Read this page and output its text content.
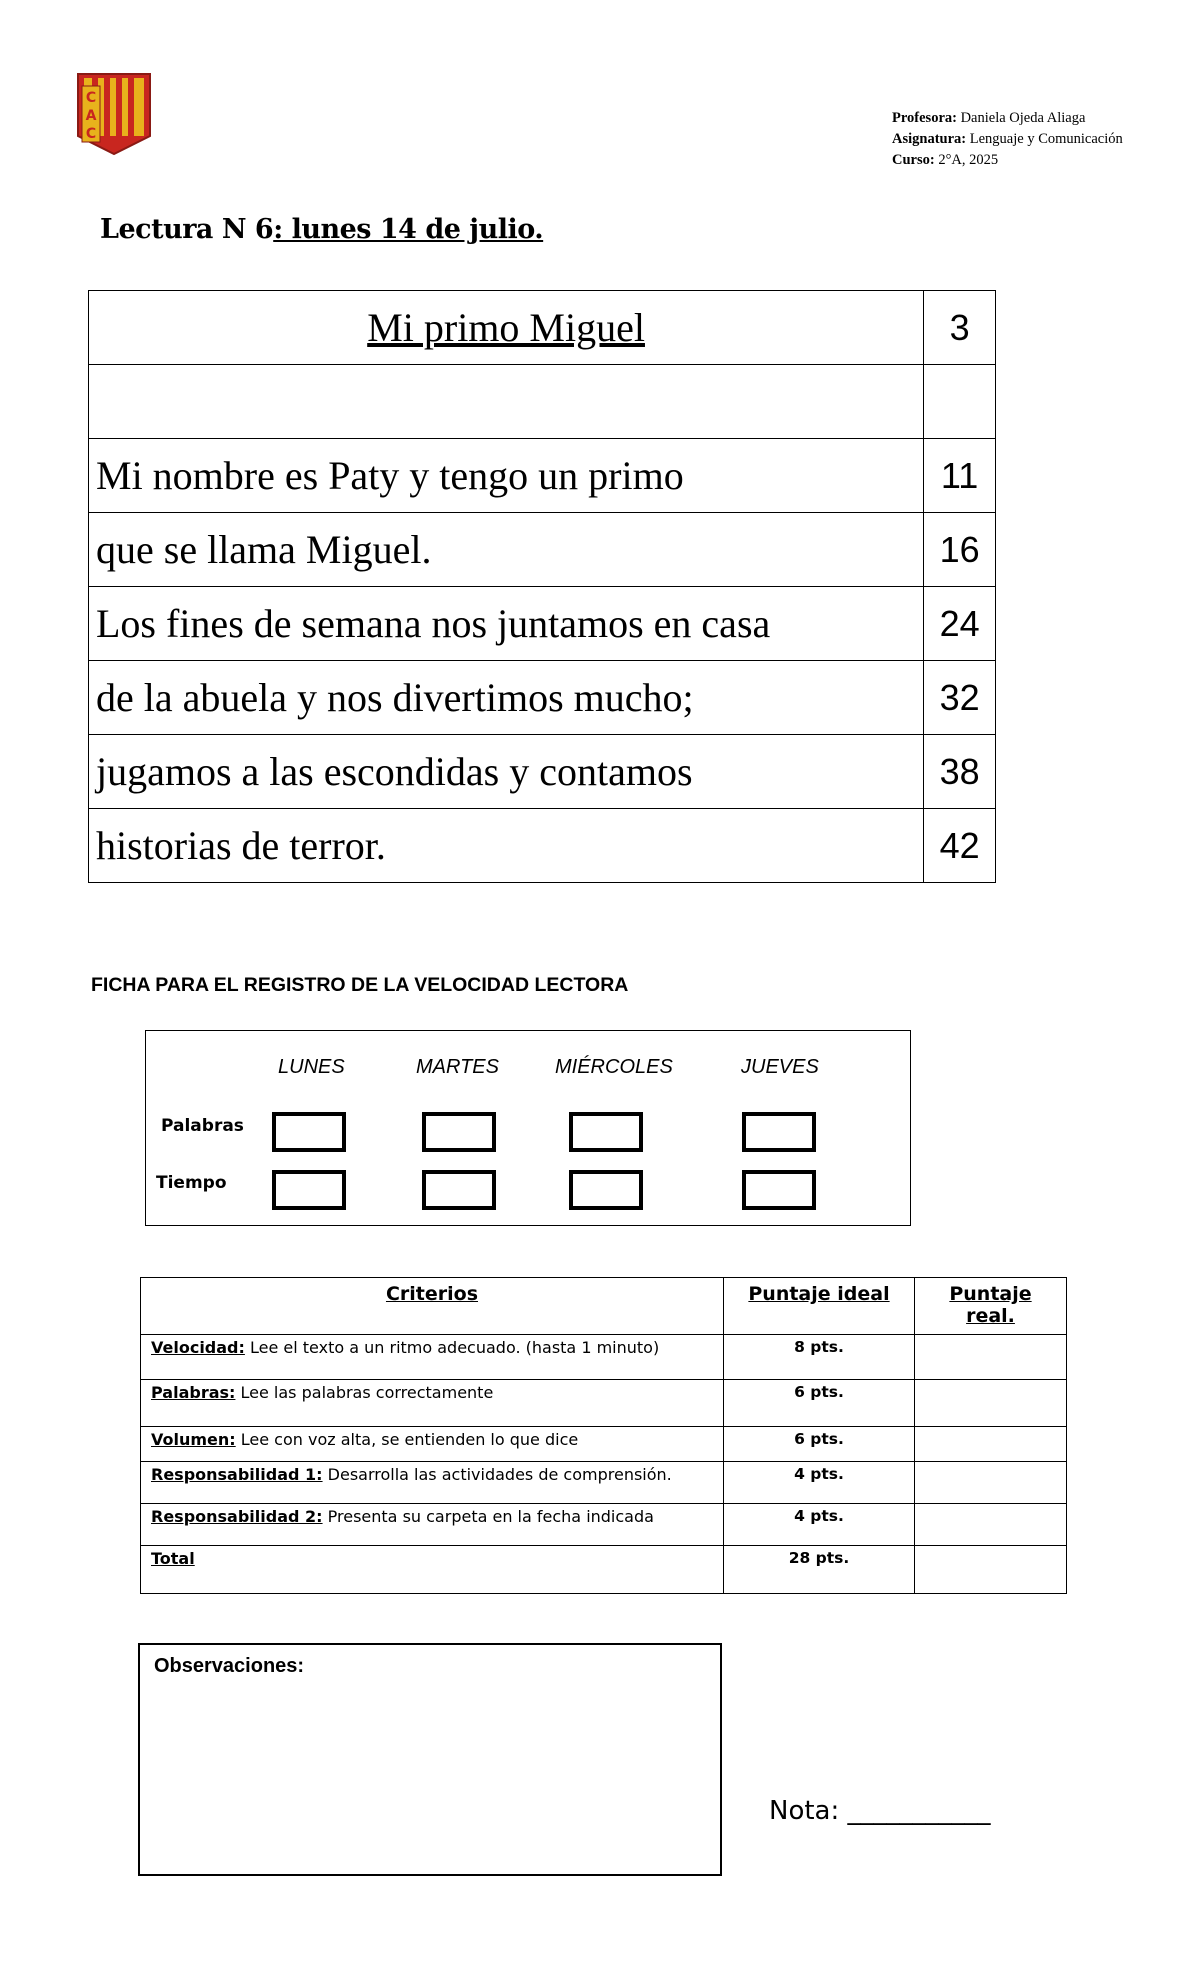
C
A
C
Profesora: Daniela Ojeda Aliaga
Asignatura: Lenguaje y Comunicación
Curso: 2°A, 2025
Lectura N 6: lunes 14 de julio.
Mi primo Miguel	3

Mi nombre es Paty y tengo un primo	11
que se llama Miguel.	16
Los fines de semana nos juntamos en casa	24
de la abuela y nos divertimos mucho;	32
jugamos a las escondidas y contamos	38
historias de terror.	42
FICHA PARA EL REGISTRO DE LA VELOCIDAD LECTORA
LUNES	MARTES	MIÉRCOLES	JUEVES
Palabras
Tiempo
Criterios	Puntaje ideal	Puntaje real.
Velocidad: Lee el texto a un ritmo adecuado. (hasta 1 minuto)	8 pts.	
Palabras: Lee las palabras correctamente	6 pts.	
Volumen: Lee con voz alta, se entienden lo que dice	6 pts.	
Responsabilidad 1: Desarrolla las actividades de comprensión.	4 pts.	
Responsabilidad 2: Presenta su carpeta en la fecha indicada	4 pts.	
Total	28 pts.	
Observaciones:
Nota: ___________
